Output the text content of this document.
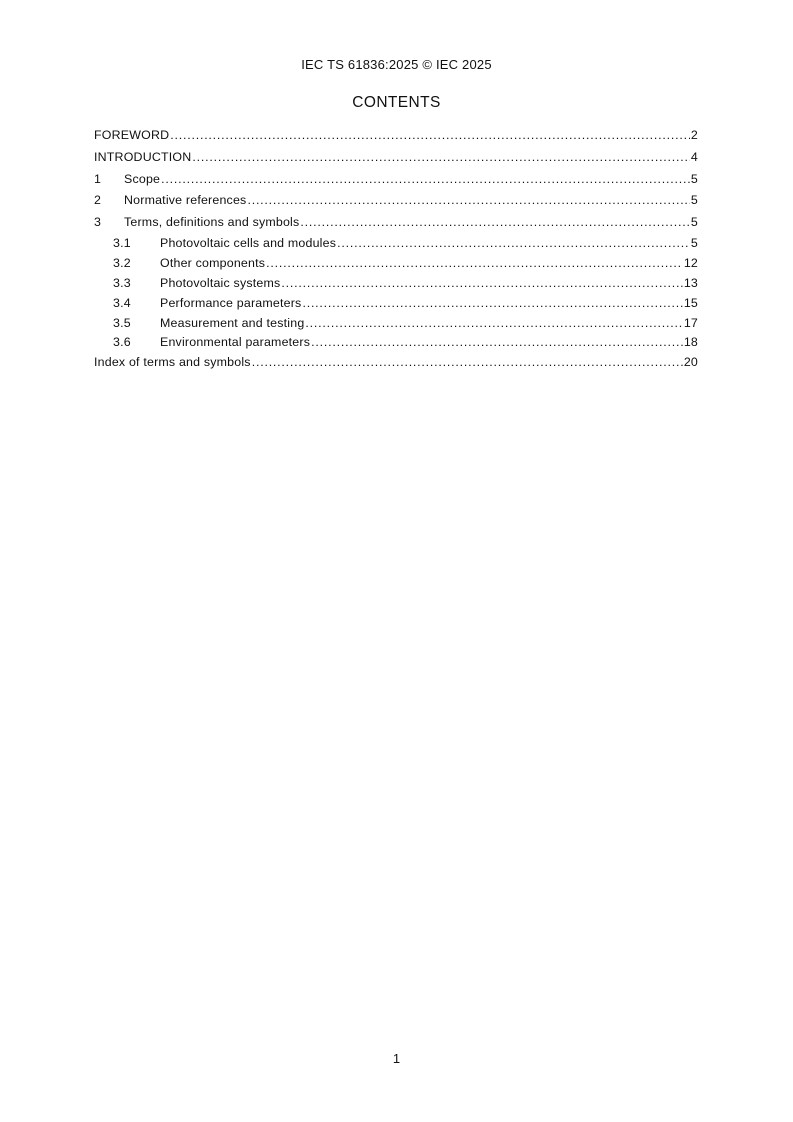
IEC TS 61836:2025 © IEC 2025
CONTENTS
FOREWORD .....	2
INTRODUCTION .....	4
1	Scope .....	5
2	Normative references .....	5
3	Terms, definitions and symbols .....	5
3.1	Photovoltaic cells and modules .....	5
3.2	Other components .....	12
3.3	Photovoltaic systems .....	13
3.4	Performance parameters .....	15
3.5	Measurement and testing .....	17
3.6	Environmental parameters .....	18
Index of terms and symbols .....	20
1
